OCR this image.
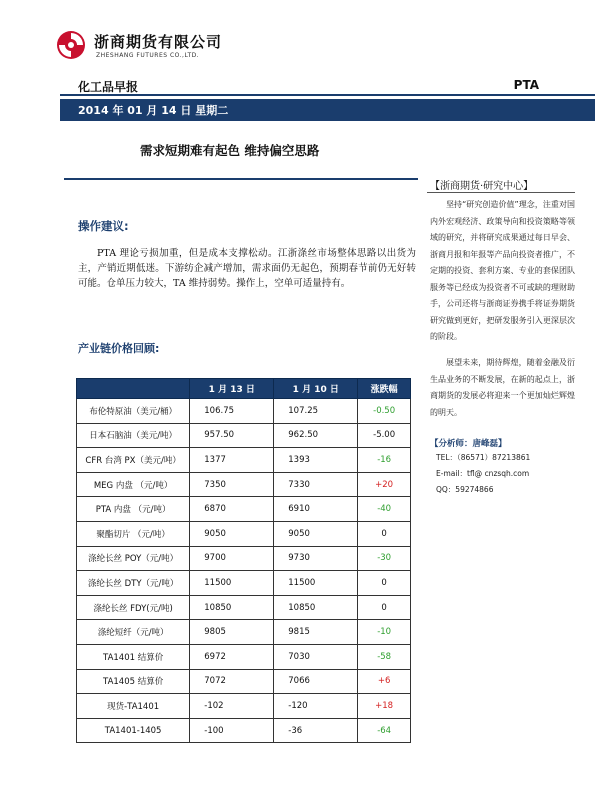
浙商期货有限公司
ZHESHANG FUTURES CO.,LTD.
化工品早报	PTA
2014 年 01 月 14 日 星期二
需求短期难有起色 维持偏空思路
操作建议:
PTA 理论亏损加重，但是成本支撑松动。江浙涤丝市场整体思路以出货为主，产销近期低迷。下游纺企减产增加，需求面仍无起色，预期春节前仍无好转可能。仓单压力较大，TA 维持弱势。操作上，空单可适量持有。
产业链价格回顾:
	1 月 13 日	1 月 10 日	涨跌幅
布伦特原油（美元/桶）	106.75	107.25	-0.50
日本石脑油（美元/吨）	957.50	962.50	-5.00
CFR 台湾 PX（美元/吨）	1377	1393	-16
MEG 内盘 （元/吨）	7350	7330	+20
PTA 内盘 （元/吨）	6870	6910	-40
聚酯切片 （元/吨）	9050	9050	0
涤纶长丝 POY（元/吨）	9700	9730	-30
涤纶长丝 DTY（元/吨）	11500	11500	0
涤纶长丝 FDY(元/吨)	10850	10850	0
涤纶短纤（元/吨）	9805	9815	-10
TA1401 结算价	6972	7030	-58
TA1405 结算价	7072	7066	+6
现货-TA1401	-102	-120	+18
TA1401-1405	-100	-36	-64
【浙商期货·研究中心】
坚持“研究创造价值”理念，注重对国内外宏观经济、政策导向和投资策略等领域的研究，并将研究成果通过每日早会、浙商月报和年报等产品向投资者推广，不定期的投资、套利方案、专业的套保团队服务等已经成为投资者不可或缺的理财助手，公司还将与浙商证券携手将证券期货研究做到更好，把研发服务引入更深层次的阶段。
展望未来，期待辉煌，随着金融及衍生品业务的不断发展，在新的起点上，浙商期货的发展必将迎来一个更加灿烂辉煌的明天。
【分析师：唐峰磊】
TEL：（86571）87213861
E-mail：tfl@ cnzsqh.com
QQ：59274866
